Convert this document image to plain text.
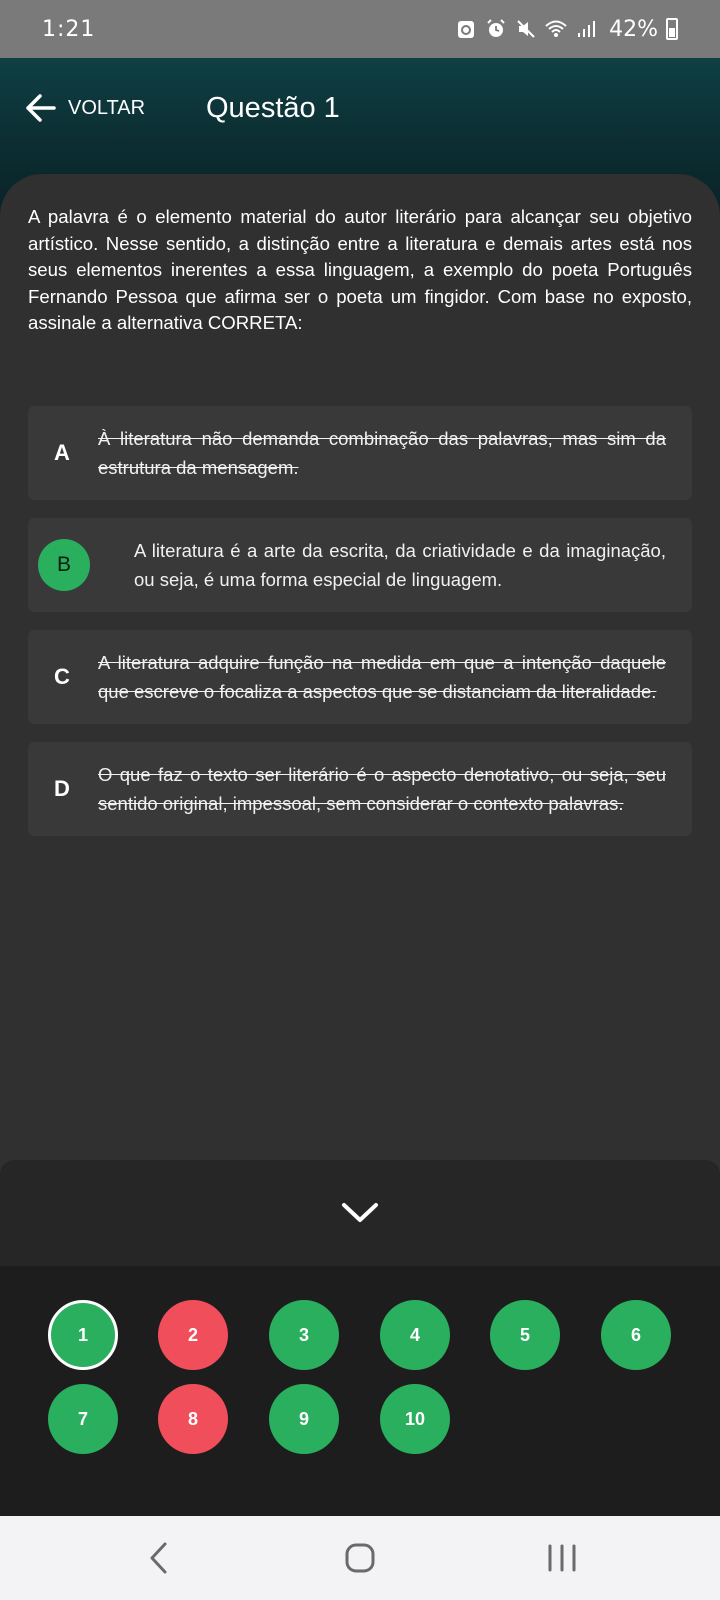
1:21	42%
VOLTAR Questão 1

A palavra é o elemento material do autor literário para alcançar seu objetivo artístico. Nesse sentido, a distinção entre a literatura e demais artes está nos seus elementos inerentes a essa linguagem, a exemplo do poeta Português Fernando Pessoa que afirma ser o poeta um fingidor. Com base no exposto, assinale a alternativa CORRETA:

A
À literatura não demanda combinação das palavras, mas sim da estrutura da mensagem.
B
A literatura é a arte da escrita, da criatividade e da imaginação, ou seja, é uma forma especial de linguagem.
C
A literatura adquire função na medida em que a intenção daquele que escreve o focaliza a aspectos que se distanciam da literalidade.
D
O que faz o texto ser literário é o aspecto denotativo, ou seja, seu sentido original, impessoal, sem considerar o contexto palavras.
1	2	3	4	5	6
7	8	9	10
